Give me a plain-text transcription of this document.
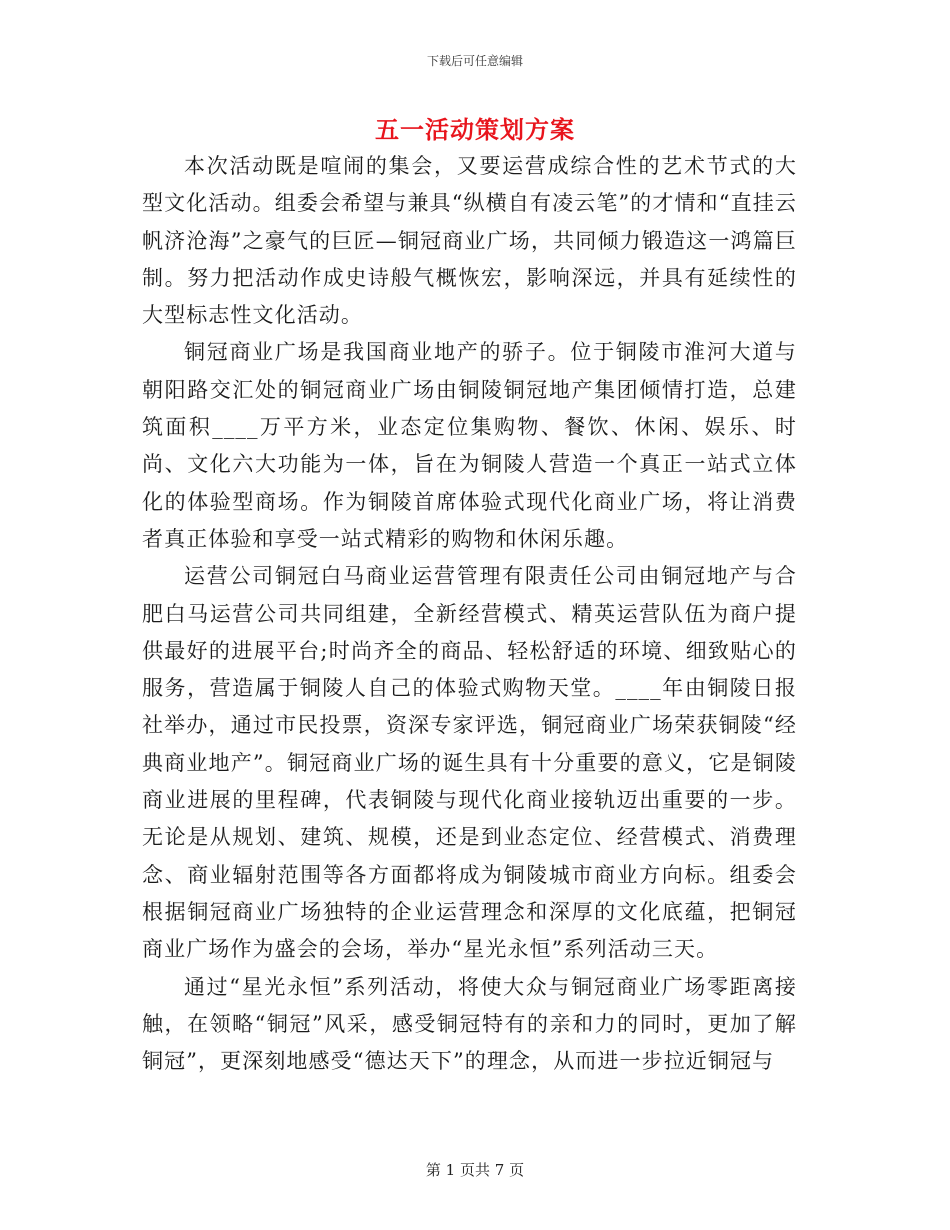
下载后可任意编辑
五一活动策划方案

本次活动既是喧闹的集会，又要运营成综合性的艺术节式的大型文化活动。组委会希望与兼具“纵横自有凌云笔”的才情和“直挂云帆济沧海”之豪气的巨匠—铜冠商业广场，共同倾力锻造这一鸿篇巨制。努力把活动作成史诗般气概恢宏，影响深远，并具有延续性的大型标志性文化活动。

铜冠商业广场是我国商业地产的骄子。位于铜陵市淮河大道与朝阳路交汇处的铜冠商业广场由铜陵铜冠地产集团倾情打造，总建筑面积____万平方米，业态定位集购物、餐饮、休闲、娱乐、时尚、文化六大功能为一体，旨在为铜陵人营造一个真正一站式立体化的体验型商场。作为铜陵首席体验式现代化商业广场，将让消费者真正体验和享受一站式精彩的购物和休闲乐趣。

运营公司铜冠白马商业运营管理有限责任公司由铜冠地产与合肥白马运营公司共同组建，全新经营模式、精英运营队伍为商户提供最好的进展平台;时尚齐全的商品、轻松舒适的环境、细致贴心的服务，营造属于铜陵人自己的体验式购物天堂。____年由铜陵日报社举办，通过市民投票，资深专家评选，铜冠商业广场荣获铜陵“经典商业地产”。铜冠商业广场的诞生具有十分重要的意义，它是铜陵商业进展的里程碑，代表铜陵与现代化商业接轨迈出重要的一步。无论是从规划、建筑、规模，还是到业态定位、经营模式、消费理念、商业辐射范围等各方面都将成为铜陵城市商业方向标。组委会根据铜冠商业广场独特的企业运营理念和深厚的文化底蕴，把铜冠商业广场作为盛会的会场，举办“星光永恒”系列活动三天。

通过“星光永恒”系列活动，将使大众与铜冠商业广场零距离接触，在领略“铜冠”风采，感受铜冠特有的亲和力的同时，更加了解铜冠”，更深刻地感受“德达天下”的理念，从而进一步拉近铜冠与

第 1 页共 7 页
